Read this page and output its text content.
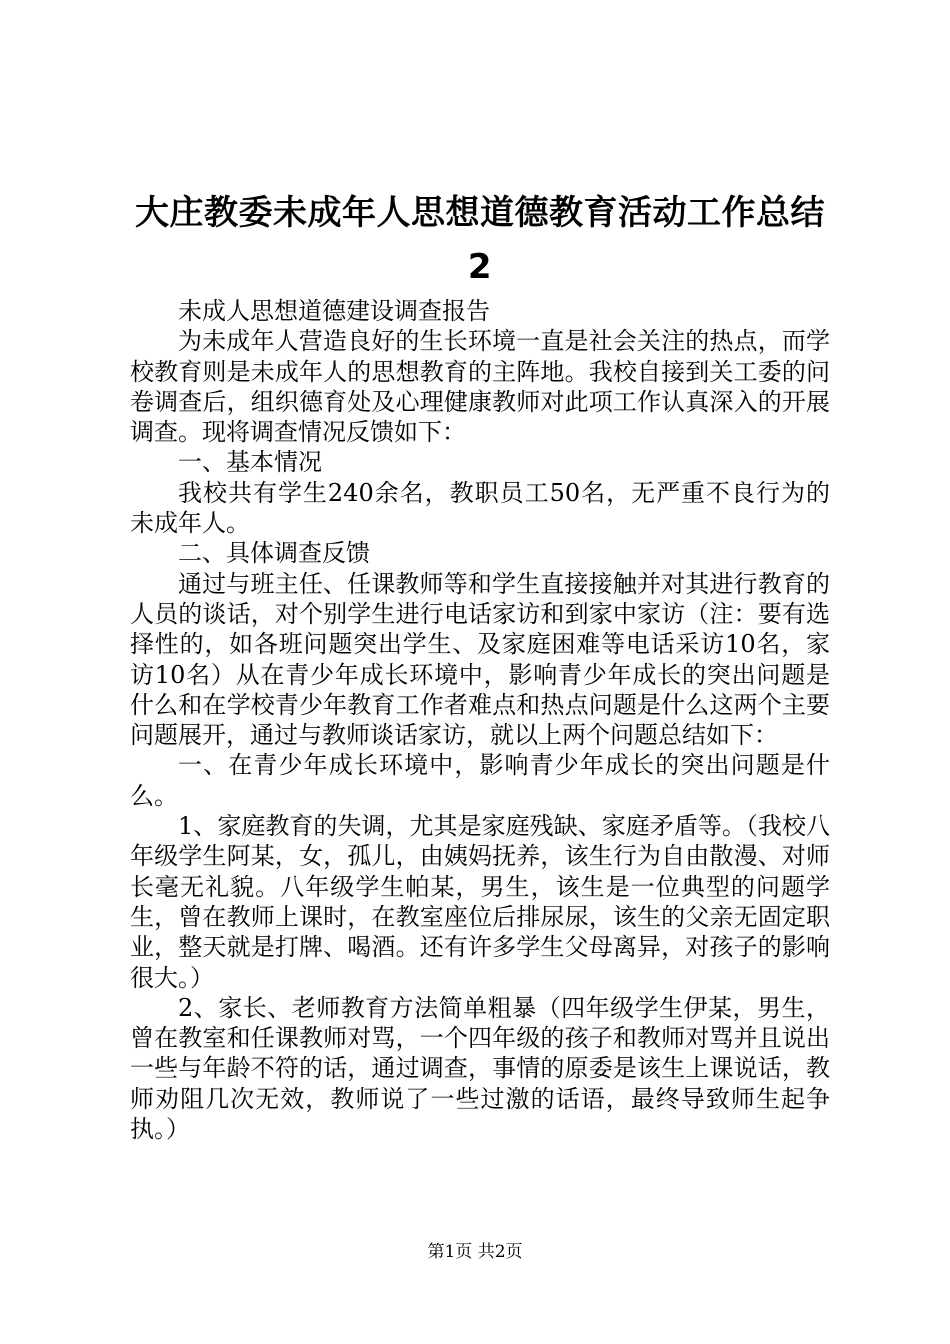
大庄教委未成年人思想道德教育活动工作总结
2

未成人思想道德建设调查报告

为未成年人营造良好的生长环境一直是社会关注的热点，而学校教育则是未成年人的思想教育的主阵地。我校自接到关工委的问卷调查后，组织德育处及心理健康教师对此项工作认真深入的开展调查。现将调查情况反馈如下：

一、基本情况

我校共有学生240余名，教职员工50名，无严重不良行为的未成年人。

二、具体调查反馈

通过与班主任、任课教师等和学生直接接触并对其进行教育的人员的谈话，对个别学生进行电话家访和到家中家访（注：要有选择性的，如各班问题突出学生、及家庭困难等电话采访10名，家访10名）从在青少年成长环境中，影响青少年成长的突出问题是什么和在学校青少年教育工作者难点和热点问题是什么这两个主要问题展开，通过与教师谈话家访，就以上两个问题总结如下：

一、在青少年成长环境中，影响青少年成长的突出问题是什么。

1、家庭教育的失调，尤其是家庭残缺、家庭矛盾等。（我校八年级学生阿某，女，孤儿，由姨妈抚养，该生行为自由散漫、对师长毫无礼貌。八年级学生帕某，男生，该生是一位典型的问题学生，曾在教师上课时，在教室座位后排尿尿，该生的父亲无固定职业，整天就是打牌、喝酒。还有许多学生父母离异，对孩子的影响很大。）

2、家长、老师教育方法简单粗暴（四年级学生伊某，男生，曾在教室和任课教师对骂，一个四年级的孩子和教师对骂并且说出一些与年龄不符的话，通过调查，事情的原委是该生上课说话，教师劝阻几次无效，教师说了一些过激的话语，最终导致师生起争执。）

第1页 共2页
